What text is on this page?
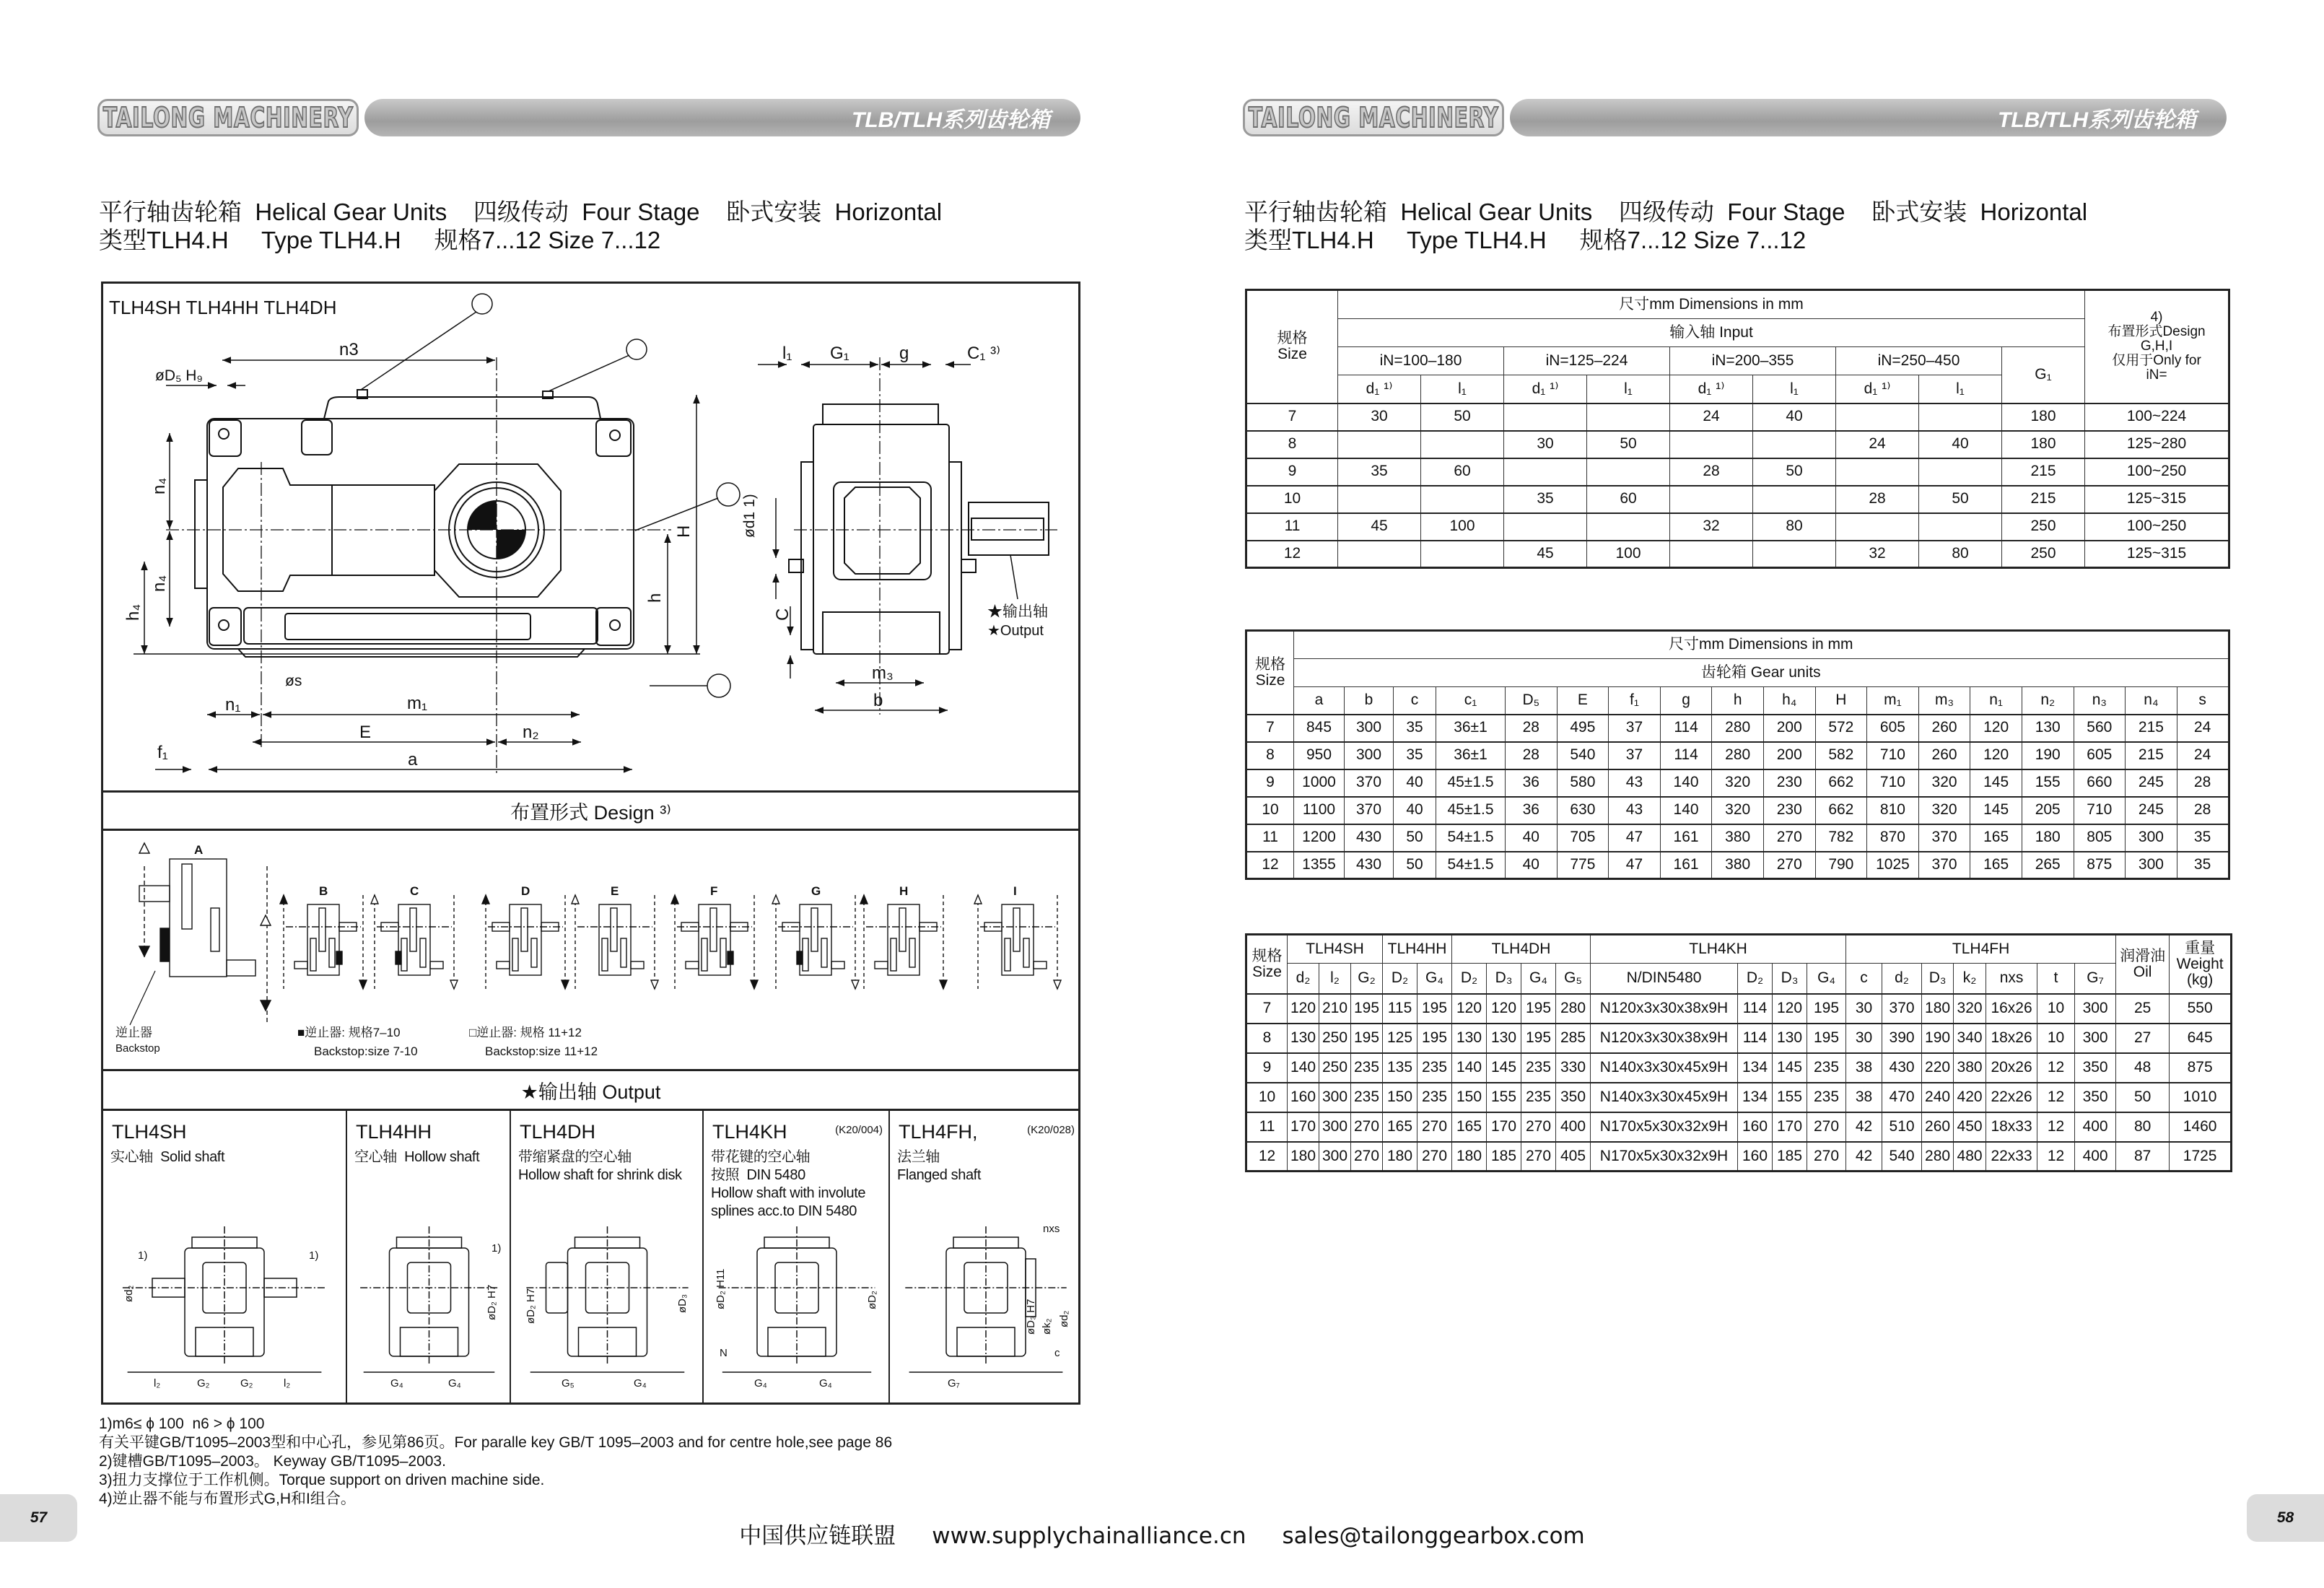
TAILONG MACHINERY	TLB/TLH系列齿轮箱	TAILONG MACHINERY	TLB/TLH系列齿轮箱
平行轴齿轮箱  Helical Gear Units    四级传动  Four Stage    卧式安装  Horizontal
类型TLH4.H     Type TLH4.H     规格7...12 Size 7...12
平行轴齿轮箱  Helical Gear Units    四级传动  Four Stage    卧式安装  Horizontal
类型TLH4.H     Type TLH4.H     规格7...12 Size 7...12
TLH4SH TLH4HH TLH4DH
布置形式 Design ³⁾
★输出轴 Output
TLH4SH
实心轴  Solid shaft
l₂	G₂	G₂	l₂
ød₂
1)	1)
TLH4HH
空心轴  Hollow shaft
G₄	G₄
øD₂ H7
1)
TLH4DH
带缩紧盘的空心轴
Hollow shaft for shrink disk
G₅	G₄
øD₂ H7	øD₃
TLH4KH	(K20/004)
带花键的空心轴
按照  DIN 5480
Hollow shaft with involute
splines acc.to DIN 5480
G₄	G₄
øD₂ H11	øD₂
N
TLH4FH,	(K20/028)
法兰轴
Flanged shaft
G₇
c
nxs
øD₃ H7 øk₂ ød₂
n3
øD₅ H₉
n₄
n₄
h₄
H
h
øs
n₁	m₁
E	n₂
f₁	a
l₁ G₁	g	C₁ ³⁾
ød1 1)
C
m₃
b
★输出轴
★Output
逆止器
Backstop
■逆止器: 规格7–10
Backstop:size 7-10
□逆止器: 规格 11+12
Backstop:size 11+12
A
B	C	D	E	F	G	H	I
1)m6≤ ϕ 100  n6 > ϕ 100
有关平键GB/T1095–2003型和中心孔，参见第86页。For paralle key GB/T 1095–2003 and for centre hole,see page 86
2)键槽GB/T1095–2003。 Keyway GB/T1095–2003.
3)扭力支撑位于工作机侧。Torque support on driven machine side.
4)逆止器不能与布置形式G,H和I组合。
57	58
中国供应链联盟 www.supplychainalliance.cn sales@tailonggearbox.com
规格
Size	尺寸mm Dimensions in mm									4)
布置形式Design
G,H,I
仅用于Only for
iN=
	输入轴 Input									
	iN=100–180		iN=125–224		iN=200–355		iN=250–450		G₁	
	d₁ ¹⁾	l₁	d₁ ¹⁾	l₁	d₁ ¹⁾	l₁	d₁ ¹⁾	l₁		
7	30	50			24	40			180	100~224
8			30	50			24	40	180	125~280
9	35	60			28	50			215	100~250
10			35	60			28	50	215	125~315
11	45	100			32	80			250	100~250
12			45	100			32	80	250	125~315
规格
Size	尺寸mm Dimensions in mm																	
	齿轮箱 Gear units																	
	a	b	c	c₁	D₅	E	f₁	g	h	h₄	H	m₁	m₃	n₁	n₂	n₃	n₄	s
7	845	300	35	36±1	28	495	37	114	280	200	572	605	260	120	130	560	215	24
8	950	300	35	36±1	28	540	37	114	280	200	582	710	260	120	190	605	215	24
9	1000	370	40	45±1.5	36	580	43	140	320	230	662	710	320	145	155	660	245	28
10	1100	370	40	45±1.5	36	630	43	140	320	230	662	810	320	145	205	710	245	28
11	1200	430	50	54±1.5	40	705	47	161	380	270	782	870	370	165	180	805	300	35
12	1355	430	50	54±1.5	40	775	47	161	380	270	790	1025	370	165	265	875	300	35
规格
Size	TLH4SH			TLH4HH		TLH4DH				TLH4KH				TLH4FH							润滑油
Oil	重量
Weight
(kg)
	d₂	l₂	G₂	D₂	G₄	D₂	D₃	G₄	G₅	N/DIN5480	D₂	D₃	G₄	c	d₂	D₃	k₂	nxs	t	G₇		
7	120	210	195	115	195	120	120	195	280	N120x3x30x38x9H	114	120	195	30	370	180	320	16x26	10	300	25	550
8	130	250	195	125	195	130	130	195	285	N120x3x30x38x9H	114	130	195	30	390	190	340	18x26	10	300	27	645
9	140	250	235	135	235	140	145	235	330	N140x3x30x45x9H	134	145	235	38	430	220	380	20x26	12	350	48	875
10	160	300	235	150	235	150	155	235	350	N140x3x30x45x9H	134	155	235	38	470	240	420	22x26	12	350	50	1010
11	170	300	270	165	270	165	170	270	400	N170x5x30x32x9H	160	170	270	42	510	260	450	18x33	12	400	80	1460
12	180	300	270	180	270	180	185	270	405	N170x5x30x32x9H	160	185	270	42	540	280	480	22x33	12	400	87	1725
